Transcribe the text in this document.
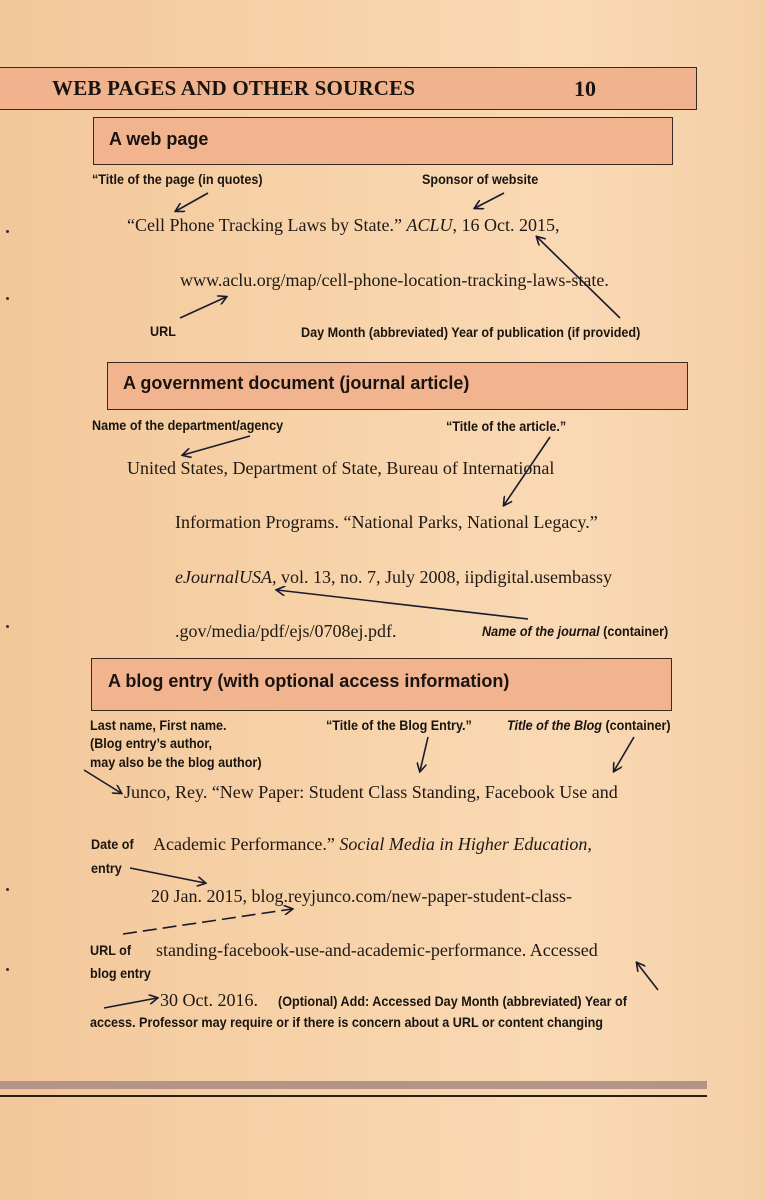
WEB PAGES AND OTHER SOURCES	10
A web page
“Title of the page (in quotes)	Sponsor of website
“Cell Phone Tracking Laws by State.” ACLU, 16 Oct. 2015,
www.aclu.org/map/cell-phone-location-tracking-laws-state.
URL	Day Month (abbreviated) Year of publication (if provided)
A government document (journal article)
Name of the department/agency	“Title of the article.”
United States, Department of State, Bureau of International
Information Programs. “National Parks, National Legacy.”
eJournalUSA, vol. 13, no. 7, July 2008, iipdigital.usembassy
.gov/media/pdf/ejs/0708ej.pdf.	Name of the journal (container)
A blog entry (with optional access information)
Last name, First name.
(Blog entry’s author,
may also be the blog author)
“Title of the Blog Entry.”	Title of the Blog (container)
Junco, Rey. “New Paper: Student Class Standing, Facebook Use and
Date of
entry
Academic Performance.” Social Media in Higher Education,
20 Jan. 2015, blog.reyjunco.com/new-paper-student-class-
URL of
blog entry
standing-facebook-use-and-academic-performance. Accessed
30 Oct. 2016. (Optional) Add: Accessed Day Month (abbreviated) Year of
access. Professor may require or if there is concern about a URL or content changing
